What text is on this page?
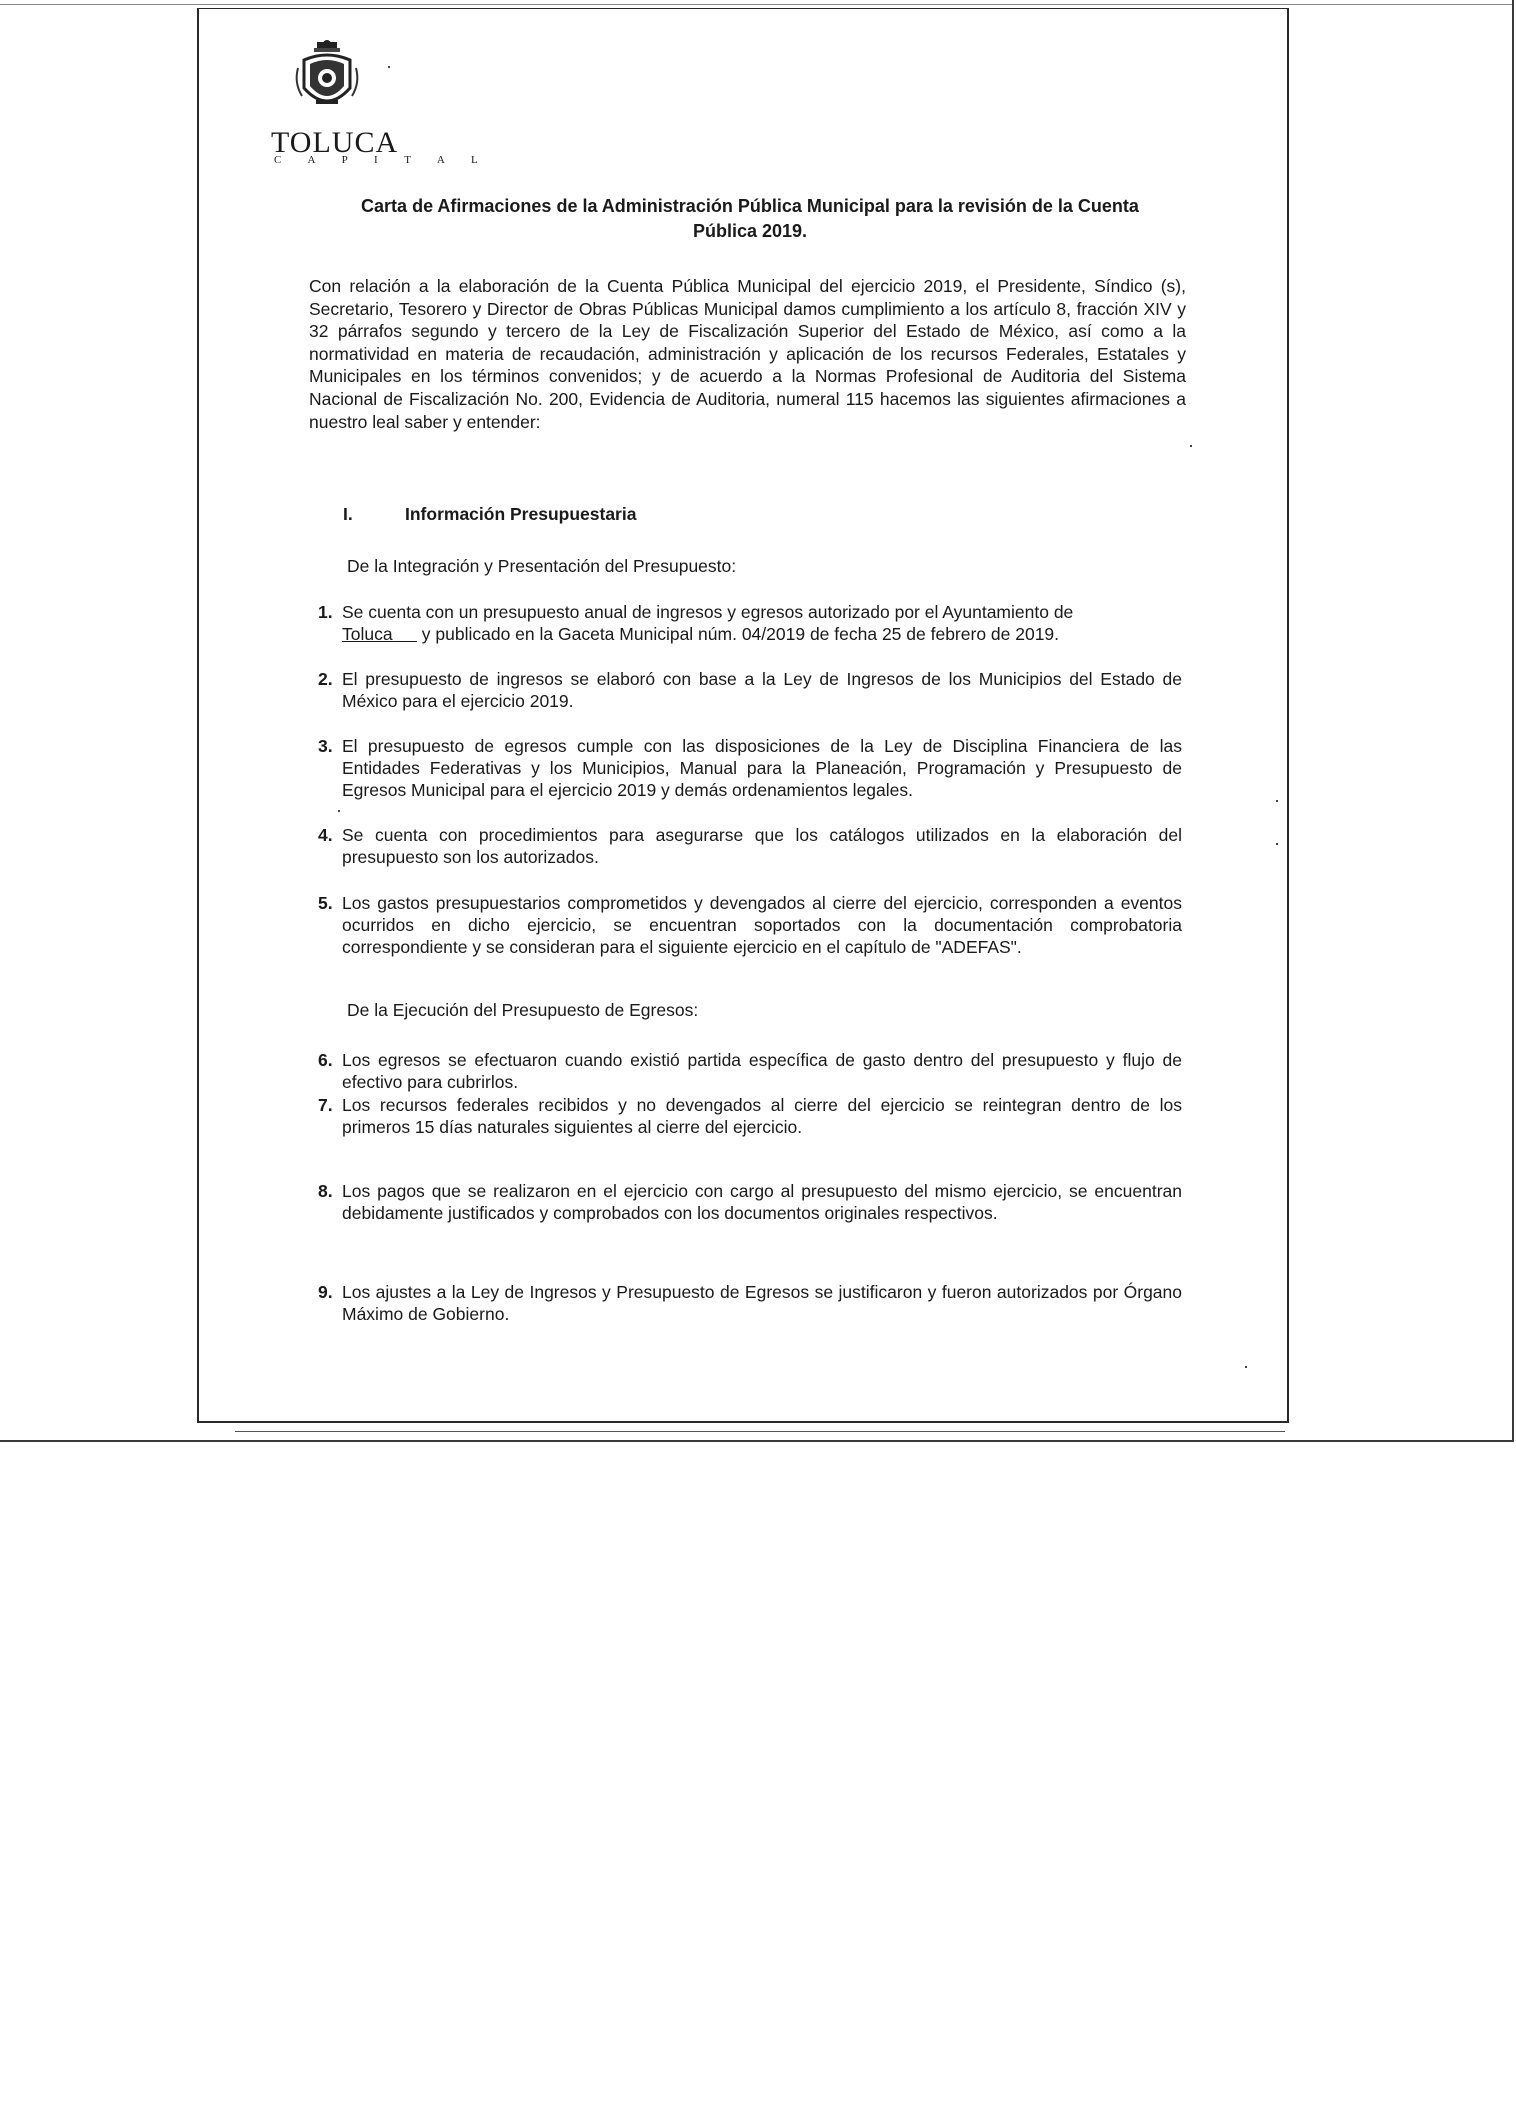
TOLUCA
C A P I T A L
Carta de Afirmaciones de la Administración Pública Municipal para la revisión de la Cuenta
Pública 2019.
Con relación a la elaboración de la Cuenta Pública Municipal del ejercicio 2019, el Presidente, Síndico (s), Secretario, Tesorero y Director de Obras Públicas Municipal damos cumplimiento a los artículo 8, fracción XIV y 32 párrafos segundo y tercero de la Ley de Fiscalización Superior del Estado de México, así como a la normatividad en materia de recaudación, administración y aplicación de los recursos Federales, Estatales y Municipales en los términos convenidos; y de acuerdo a la Normas Profesional de Auditoria del Sistema Nacional de Fiscalización No. 200, Evidencia de Auditoria, numeral 115 hacemos las siguientes afirmaciones a nuestro leal saber y entender:
I.	Información Presupuestaria
De la Integración y Presentación del Presupuesto:
1. Se cuenta con un presupuesto anual de ingresos y egresos autorizado por el Ayuntamiento de
Toluca y publicado en la Gaceta Municipal núm. 04/2019 de fecha 25 de febrero de 2019.
2. El presupuesto de ingresos se elaboró con base a la Ley de Ingresos de los Municipios del Estado de México para el ejercicio 2019.
3. El presupuesto de egresos cumple con las disposiciones de la Ley de Disciplina Financiera de las Entidades Federativas y los Municipios, Manual para la Planeación, Programación y Presupuesto de Egresos Municipal para el ejercicio 2019 y demás ordenamientos legales.
4. Se cuenta con procedimientos para asegurarse que los catálogos utilizados en la elaboración del presupuesto son los autorizados.
5. Los gastos presupuestarios comprometidos y devengados al cierre del ejercicio, corresponden a eventos ocurridos en dicho ejercicio, se encuentran soportados con la documentación comprobatoria correspondiente y se consideran para el siguiente ejercicio en el capítulo de "ADEFAS".
De la Ejecución del Presupuesto de Egresos:
6. Los egresos se efectuaron cuando existió partida específica de gasto dentro del presupuesto y flujo de efectivo para cubrirlos.
7. Los recursos federales recibidos y no devengados al cierre del ejercicio se reintegran dentro de los primeros 15 días naturales siguientes al cierre del ejercicio.
8. Los pagos que se realizaron en el ejercicio con cargo al presupuesto del mismo ejercicio, se encuentran debidamente justificados y comprobados con los documentos originales respectivos.
9. Los ajustes a la Ley de Ingresos y Presupuesto de Egresos se justificaron y fueron autorizados por Órgano Máximo de Gobierno.
